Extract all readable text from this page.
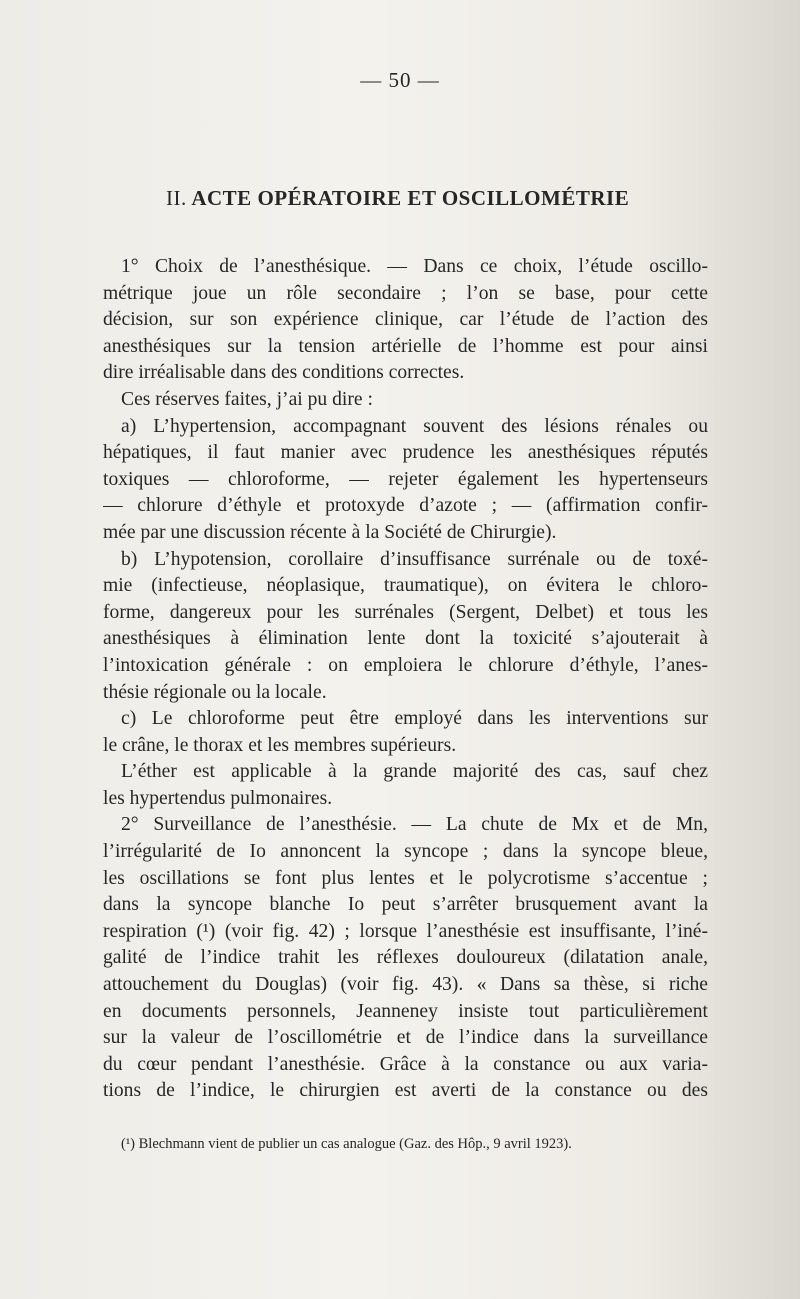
— 50 —
II. ACTE OPÉRATOIRE ET OSCILLOMÉTRIE
1° Choix de l’anesthésique. — Dans ce choix, l’étude oscillo-
métrique joue un rôle secondaire ; l’on se base, pour cette
décision, sur son expérience clinique, car l’étude de l’action des
anesthésiques sur la tension artérielle de l’homme est pour ainsi
dire irréalisable dans des conditions correctes.
Ces réserves faites, j’ai pu dire :
a) L’hypertension, accompagnant souvent des lésions rénales ou
hépatiques, il faut manier avec prudence les anesthésiques réputés
toxiques — chloroforme, — rejeter également les hypertenseurs
— chlorure d’éthyle et protoxyde d’azote ; — (affirmation confir-
mée par une discussion récente à la Société de Chirurgie).
b) L’hypotension, corollaire d’insuffisance surrénale ou de toxé-
mie (infectieuse, néoplasique, traumatique), on évitera le chloro-
forme, dangereux pour les surrénales (Sergent, Delbet) et tous les
anesthésiques à élimination lente dont la toxicité s’ajouterait à
l’intoxication générale : on emploiera le chlorure d’éthyle, l’anes-
thésie régionale ou la locale.
c) Le chloroforme peut être employé dans les interventions sur
le crâne, le thorax et les membres supérieurs.
L’éther est applicable à la grande majorité des cas, sauf chez
les hypertendus pulmonaires.
2° Surveillance de l’anesthésie. — La chute de Mx et de Mn,
l’irrégularité de Io annoncent la syncope ; dans la syncope bleue,
les oscillations se font plus lentes et le polycrotisme s’accentue ;
dans la syncope blanche Io peut s’arrêter brusquement avant la
respiration (¹) (voir fig. 42) ; lorsque l’anesthésie est insuffisante, l’iné-
galité de l’indice trahit les réflexes douloureux (dilatation anale,
attouchement du Douglas) (voir fig. 43). « Dans sa thèse, si riche
en documents personnels, Jeanneney insiste tout particulièrement
sur la valeur de l’oscillométrie et de l’indice dans la surveillance
du cœur pendant l’anesthésie. Grâce à la constance ou aux varia-
tions de l’indice, le chirurgien est averti de la constance ou des
(¹) Blechmann vient de publier un cas analogue (Gaz. des Hôp., 9 avril 1923).
